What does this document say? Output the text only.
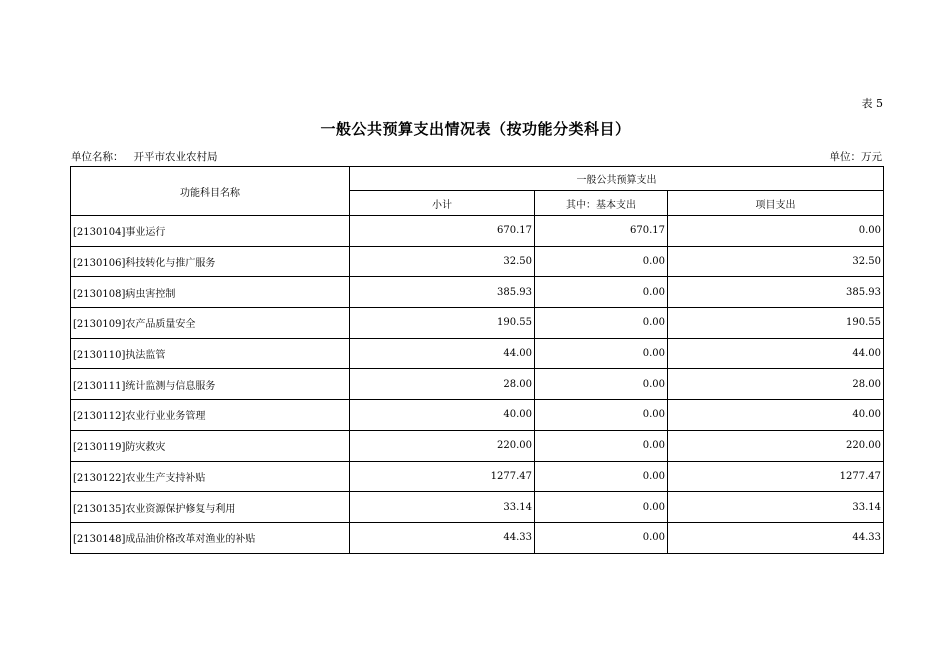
表 5
一般公共预算支出情况表（按功能分类科目）
单位名称： 开平市农业农村局	单位：万元
功能科目名称	一般公共预算支出		
	小计	其中：基本支出	项目支出
[2130104]事业运行	670.17	670.17	0.00
[2130106]科技转化与推广服务	32.50	0.00	32.50
[2130108]病虫害控制	385.93	0.00	385.93
[2130109]农产品质量安全	190.55	0.00	190.55
[2130110]执法监管	44.00	0.00	44.00
[2130111]统计监测与信息服务	28.00	0.00	28.00
[2130112]农业行业业务管理	40.00	0.00	40.00
[2130119]防灾救灾	220.00	0.00	220.00
[2130122]农业生产支持补贴	1277.47	0.00	1277.47
[2130135]农业资源保护修复与利用	33.14	0.00	33.14
[2130148]成品油价格改革对渔业的补贴	44.33	0.00	44.33
